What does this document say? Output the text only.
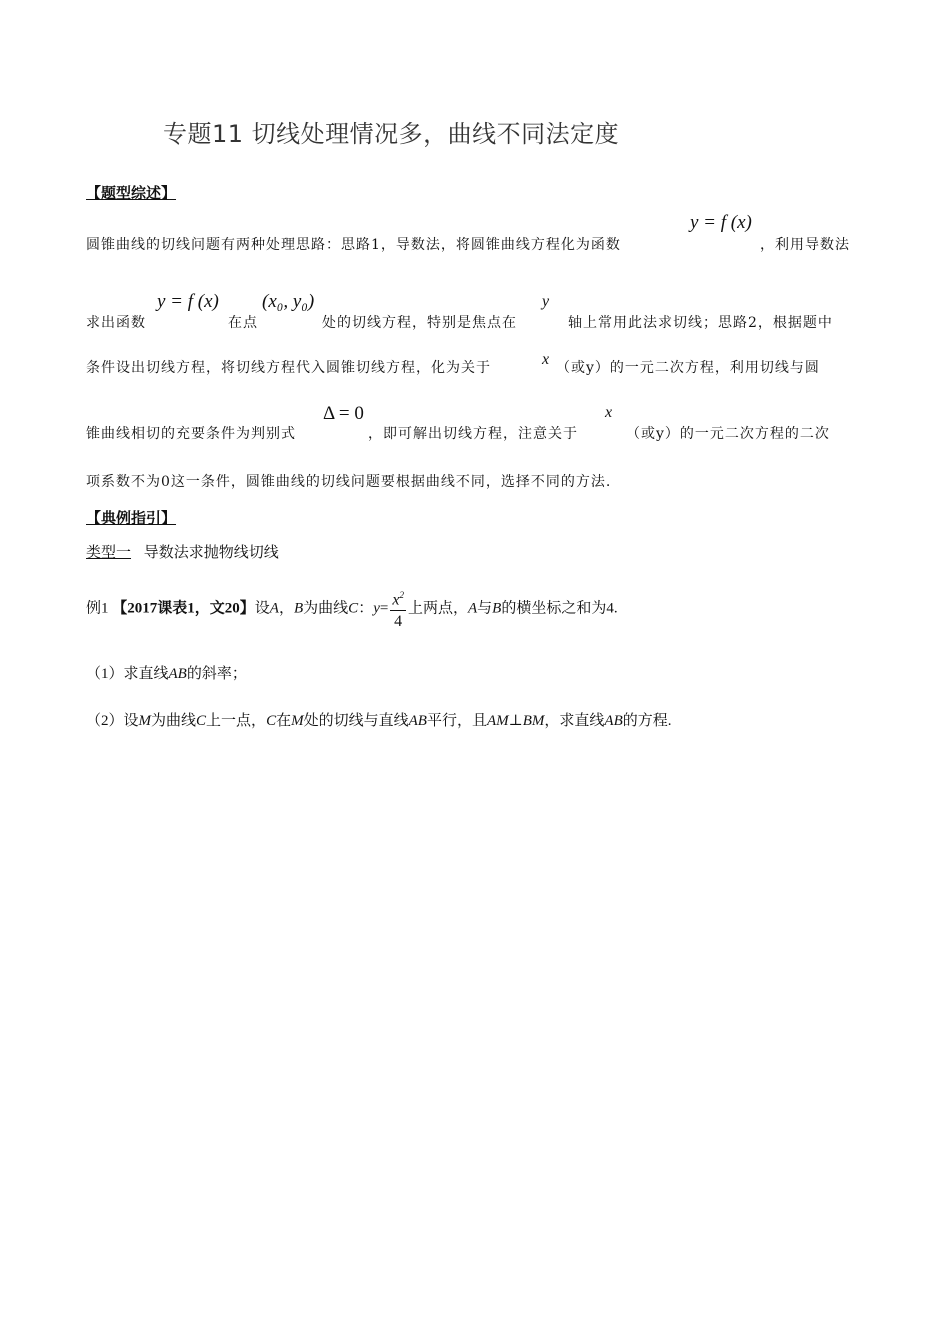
专题11 切线处理情况多，曲线不同法定度
【题型综述】
圆锥曲线的切线问题有两种处理思路：思路1，导数法，将圆锥曲线方程化为函数
y = f (x)
，利用导数法
求出函数
y = f (x)
在点
(x₀, y₀)
处的切线方程，特别是焦点在
y
轴上常用此法求切线；思路2，根据题中
条件设出切线方程，将切线方程代入圆锥切线方程，化为关于	x （或y）的一元二次方程，利用切线与圆
锥曲线相切的充要条件为判别式
Δ = 0
，即可解出切线方程，注意关于
x
（或y）的一元二次方程的二次
项系数不为0这一条件，圆锥曲线的切线问题要根据曲线不同，选择不同的方法.
【典例指引】
类型一 导数法求抛物线切线
例1 【2017课表1，文20】设A，B为曲线C：$y= \frac{x^2}{4}$ 上两点，A与B的横坐标之和为4.
（1）求直线AB的斜率；
（2）设M为曲线C上一点，C在M处的切线与直线AB平行，且AM⊥BM，求直线AB的方程.
